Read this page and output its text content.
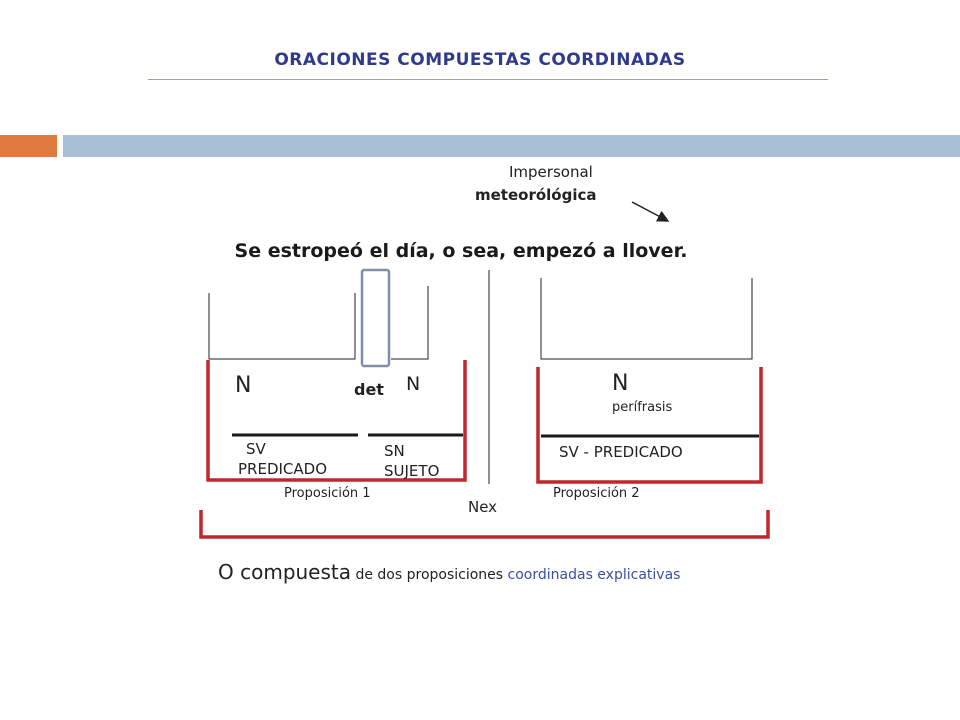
ORACIONES COMPUESTAS COORDINADAS
Impersonal
meteorólógica
Se estropeó el día, o sea, empezó a llover.
N	det N	N
perífrasis
SV
PREDICADO
SN
SUJETO
SV - PREDICADO
Proposición 1	Proposición 2
Nex
O compuesta de dos proposiciones coordinadas explicativas
